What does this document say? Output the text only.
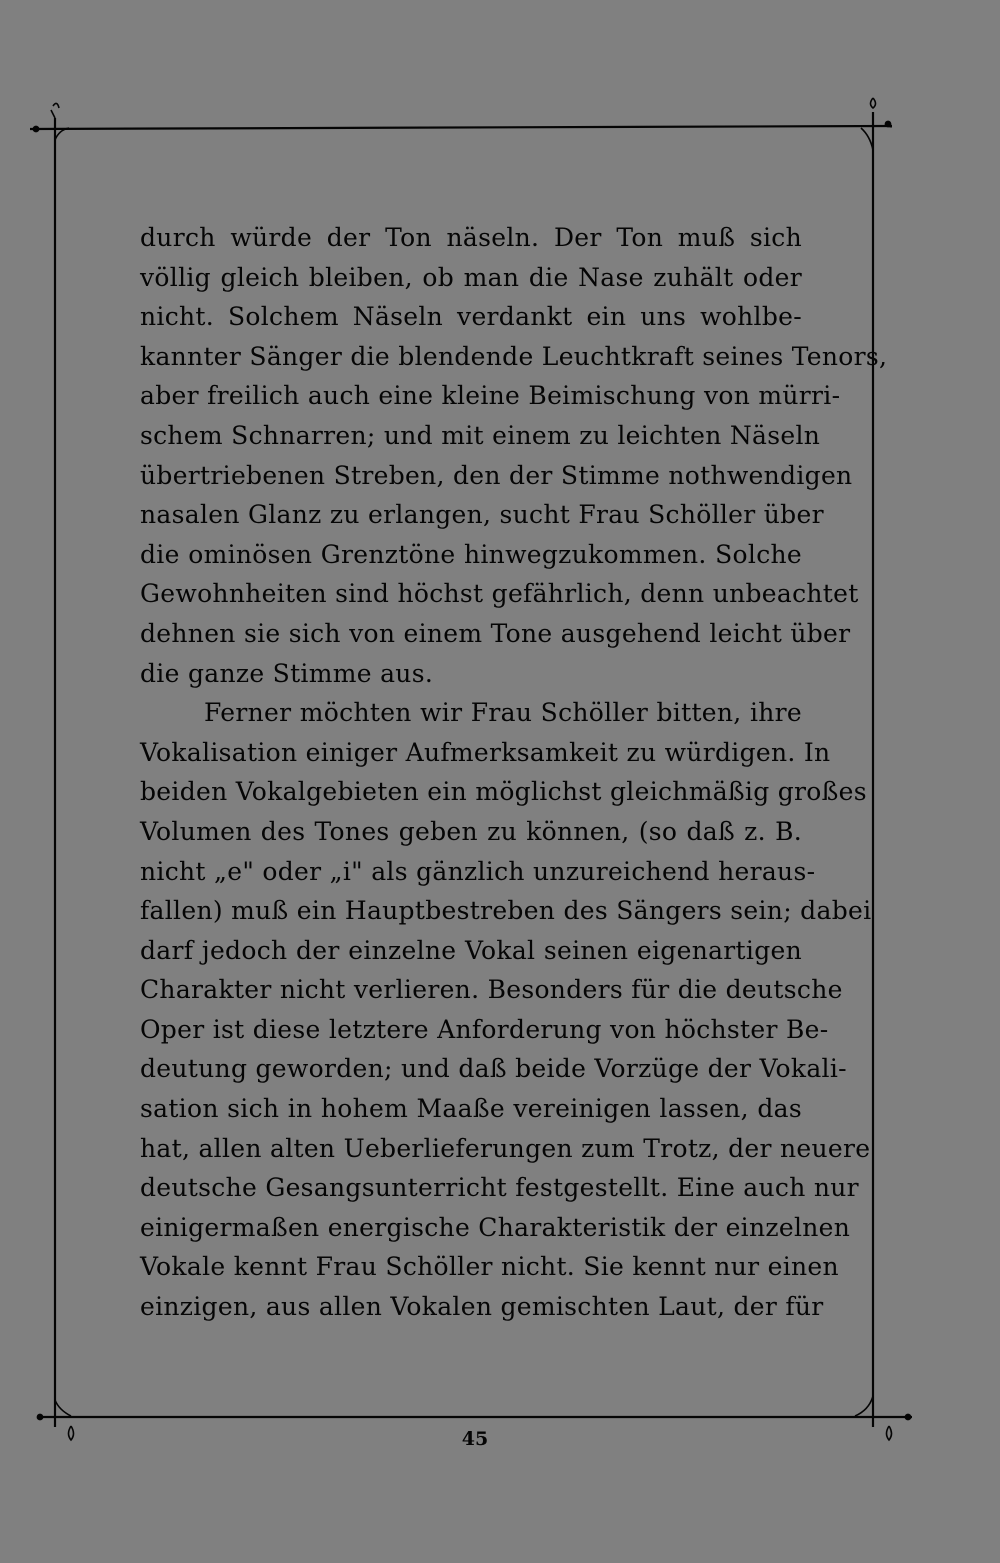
durch würde der Ton näseln. Der Ton muß sich
völlig gleich bleiben, ob man die Nase zuhält oder
nicht. Solchem Näseln verdankt ein uns wohlbe-
kannter Sänger die blendende Leuchtkraft seines Tenors,
aber freilich auch eine kleine Beimischung von mürri-
schem Schnarren; und mit einem zu leichten Näseln
übertriebenen Streben, den der Stimme nothwendigen
nasalen Glanz zu erlangen, sucht Frau Schöller über
die ominösen Grenztöne hinwegzukommen. Solche
Gewohnheiten sind höchst gefährlich, denn unbeachtet
dehnen sie sich von einem Tone ausgehend leicht über
die ganze Stimme aus.
Ferner möchten wir Frau Schöller bitten, ihre
Vokalisation einiger Aufmerksamkeit zu würdigen. In
beiden Vokalgebieten ein möglichst gleichmäßig großes
Volumen des Tones geben zu können, (so daß z. B.
nicht „e" oder „i" als gänzlich unzureichend heraus-
fallen) muß ein Hauptbestreben des Sängers sein; dabei
darf jedoch der einzelne Vokal seinen eigenartigen
Charakter nicht verlieren. Besonders für die deutsche
Oper ist diese letztere Anforderung von höchster Be-
deutung geworden; und daß beide Vorzüge der Vokali-
sation sich in hohem Maaße vereinigen lassen, das
hat, allen alten Ueberlieferungen zum Trotz, der neuere
deutsche Gesangsunterricht festgestellt. Eine auch nur
einigermaßen energische Charakteristik der einzelnen
Vokale kennt Frau Schöller nicht. Sie kennt nur einen
einzigen, aus allen Vokalen gemischten Laut, der für
45
